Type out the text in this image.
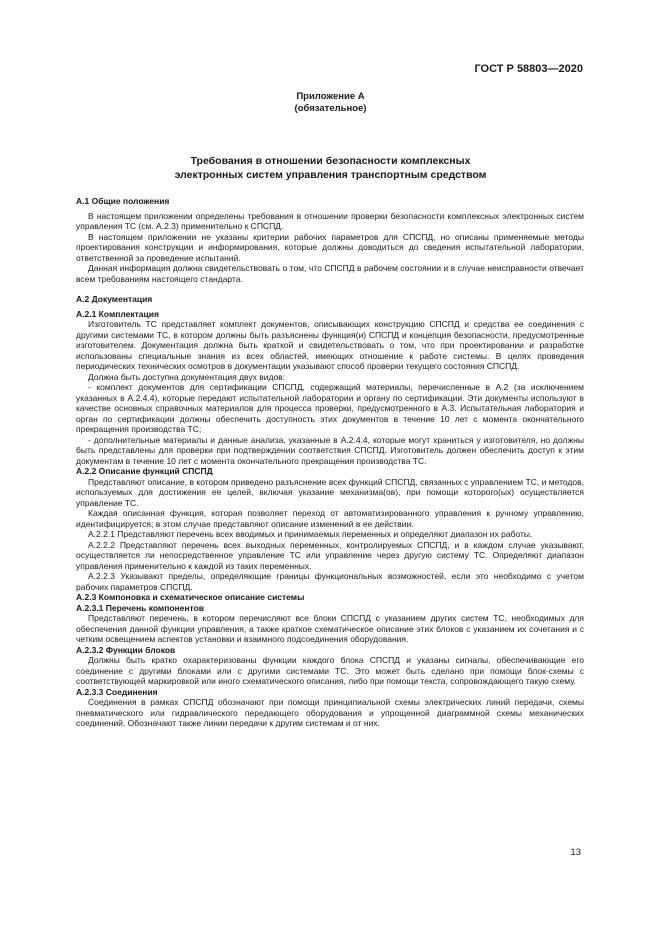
ГОСТ Р 58803—2020
Приложение А
(обязательное)
Требования в отношении безопасности комплексных
электронных систем управления транспортным средством

А.1 Общие положения

В настоящем приложении определены требования в отношении проверки безопасности комплексных электронных систем управления ТС (см. А.2.3) применительно к СПСПД.

В настоящем приложении не указаны критерии рабочих параметров для СПСПД, но описаны применяемые методы проектирования конструкции и информирования, которые должны доводиться до сведения испытательной лаборатории, ответственной за проведение испытаний.

Данная информация должна свидетельствовать о том, что СПСПД в рабочем состоянии и в случае неисправности отвечает всем требованиям настоящего стандарта.

А.2 Документация

А.2.1 Комплектация

Изготовитель ТС представляет комплект документов, описывающих конструкцию СПСПД и средства ее соединения с другими системами ТС, в котором должны быть разъяснены функция(и) СПСПД и концепция безопасности, предусмотренные изготовителем. Документация должна быть краткой и свидетельствовать о том, что при проектировании и разработке использованы специальные знания из всех областей, имеющих отношение к работе системы. В целях проведения периодических технических осмотров в документации указывают способ проверки текущего состояния СПСПД.

Должна быть доступна документация двух видов:

- комплект документов для сертификации СПСПД, содержащий материалы, перечисленные в А.2 (за исключением указанных в А.2.4.4), которые передают испытательной лаборатории и органу по сертификации. Эти документы используют в качестве основных справочных материалов для процесса проверки, предусмотренного в А.3. Испытательная лаборатория и орган по сертификации должны обеспечить доступность этих документов в течение 10 лет с момента окончательного прекращения производства ТС;

- дополнительные материалы и данные анализа, указанные в А.2.4.4, которые могут храниться у изготовителя, но должны быть представлены для проверки при подтверждении соответствия СПСПД. Изготовитель должен обеспечить доступ к этим документам в течение 10 лет с момента окончательного прекращения производства ТС.

А.2.2 Описание функций СПСПД

Представляют описание, в котором приведено разъяснение всех функций СПСПД, связанных с управлением ТС, и методов, используемых для достижения ее целей, включая указание механизма(ов), при помощи которого(ых) осуществляется управление ТС.

Каждая описанная функция, которая позволяет переход от автоматизированного управления к ручному управлению, идентифицируется; в этом случае представляют описание изменений в ее действии.

А.2.2.1 Представляют перечень всех вводимых и принимаемых переменных и определяют диапазон их работы.

А.2.2.2 Представляют перечень всех выходных переменных, контролируемых СПСПД, и в каждом случае указывают, осуществляется ли непосредственное управление ТС или управление через другую систему ТС. Определяют диапазон управления применительно к каждой из таких переменных.

А.2.2.3 Указывают пределы, определяющие границы функциональных возможностей, если это необходимо с учетом рабочих параметров СПСПД.

А.2.3 Компоновка и схематическое описание системы

А.2.3.1 Перечень компонентов

Представляют перечень, в котором перечисляют все блоки СПСПД с указанием других систем ТС, необходимых для обеспечения данной функции управления, а также краткое схематическое описание этих блоков с указанием их сочетания и с четким освещением аспектов установки и взаимного подсоединения оборудования.

А.2.3.2 Функции блоков

Должны быть кратко охарактеризованы функции каждого блока СПСПД и указаны сигналы, обеспечивающие его соединение с другими блоками или с другими системами ТС. Это может быть сделано при помощи блок-схемы с соответствующей маркировкой или иного схематического описания, либо при помощи текста, сопровождающего такую схему.

А.2.3.3 Соединения

Соединения в рамках СПСПД обозначают при помощи принципиальной схемы электрических линий передачи, схемы пневматического или гидравлического передающего оборудования и упрощенной диаграммной схемы механических соединений. Обозначают также линии передачи к другим системам и от них.

13
